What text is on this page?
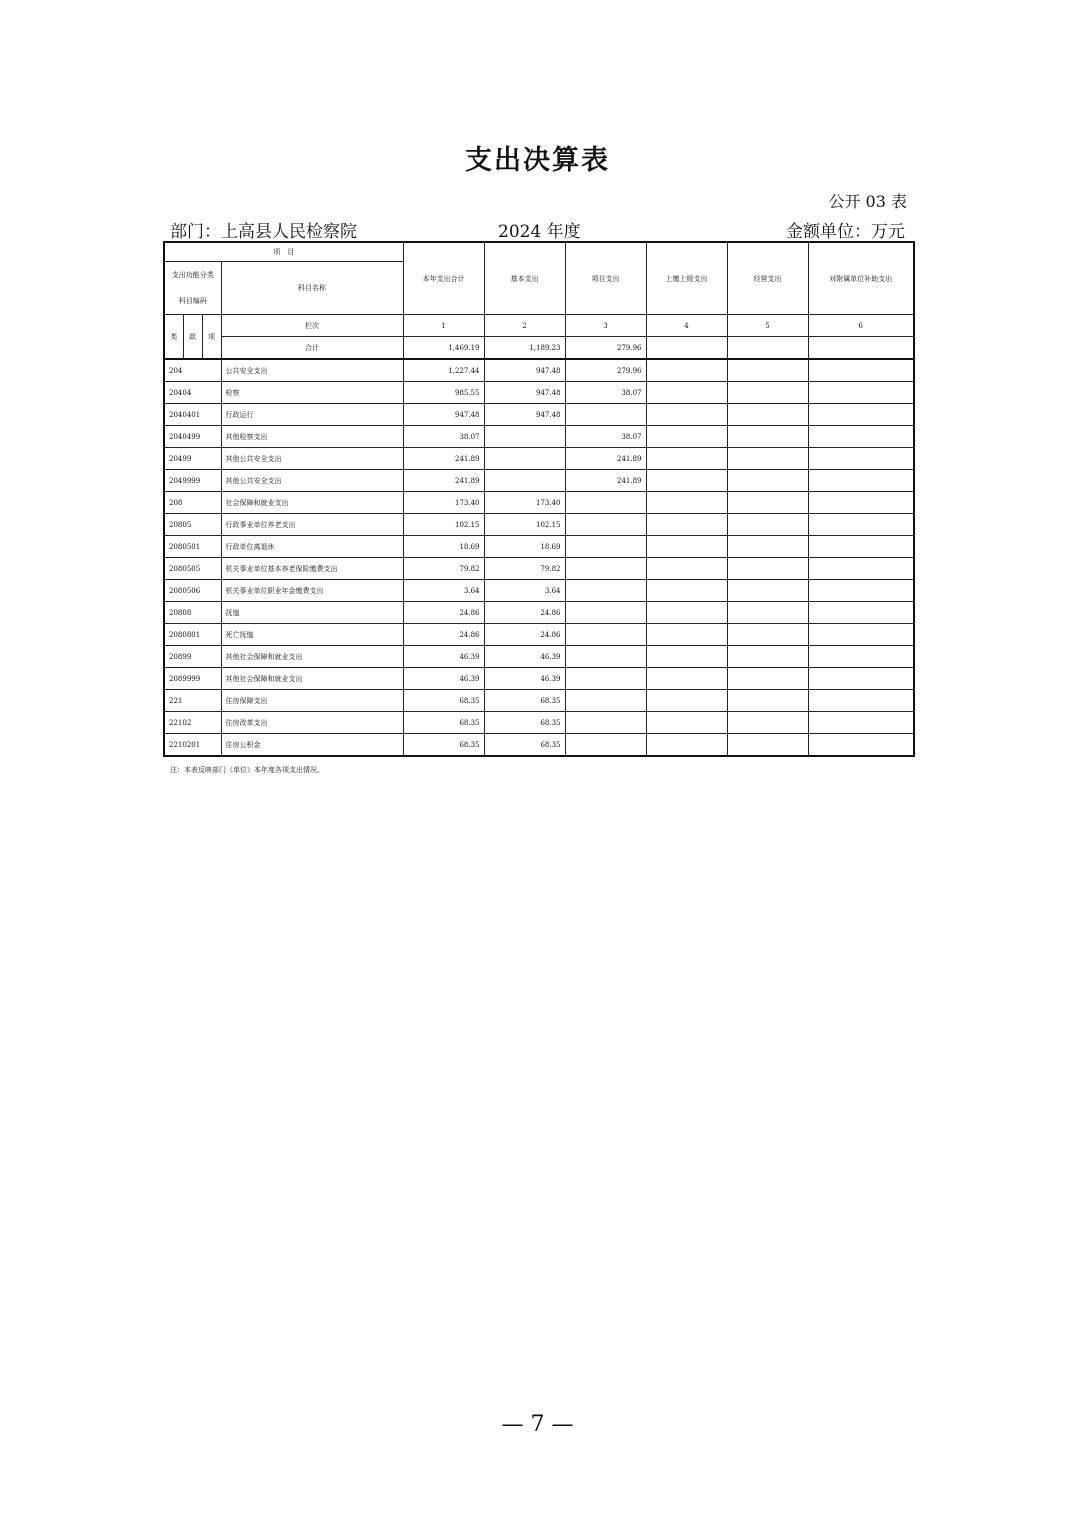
支出决算表
公开 03 表
部门：上高县人民检察院	2024 年度	金额单位：万元
项　目				本年支出合计	基本支出	项目支出	上缴上级支出	经营支出	对附属单位补助支出
支出功能分类科目编码			科目名称						

类	款	项	栏次	1	2	3	4	5	6
			合计	1,469.19	1,189.23	279.96			
204			公共安全支出	1,227.44	947.48	279.96			
20404			检察	985.55	947.48	38.07			
2040401			行政运行	947.48	947.48				
2040499			其他检察支出	38.07		38.07			
20499			其他公共安全支出	241.89		241.89			
2049999			其他公共安全支出	241.89		241.89			
208			社会保障和就业支出	173.40	173.40				
20805			行政事业单位养老支出	102.15	102.15				
2080501			行政单位离退休	18.69	18.69				
2080505			机关事业单位基本养老保险缴费支出	79.82	79.82				
2080506			机关事业单位职业年金缴费支出	3.64	3.64				
20808			抚恤	24.86	24.86				
2080801			死亡抚恤	24.86	24.86				
20899			其他社会保障和就业支出	46.39	46.39				
2089999			其他社会保障和就业支出	46.39	46.39				
221			住房保障支出	68.35	68.35				
22102			住房改革支出	68.35	68.35				
2210201			住房公积金	68.35	68.35				
注：本表反映部门（单位）本年度各项支出情况。
— 7 —
